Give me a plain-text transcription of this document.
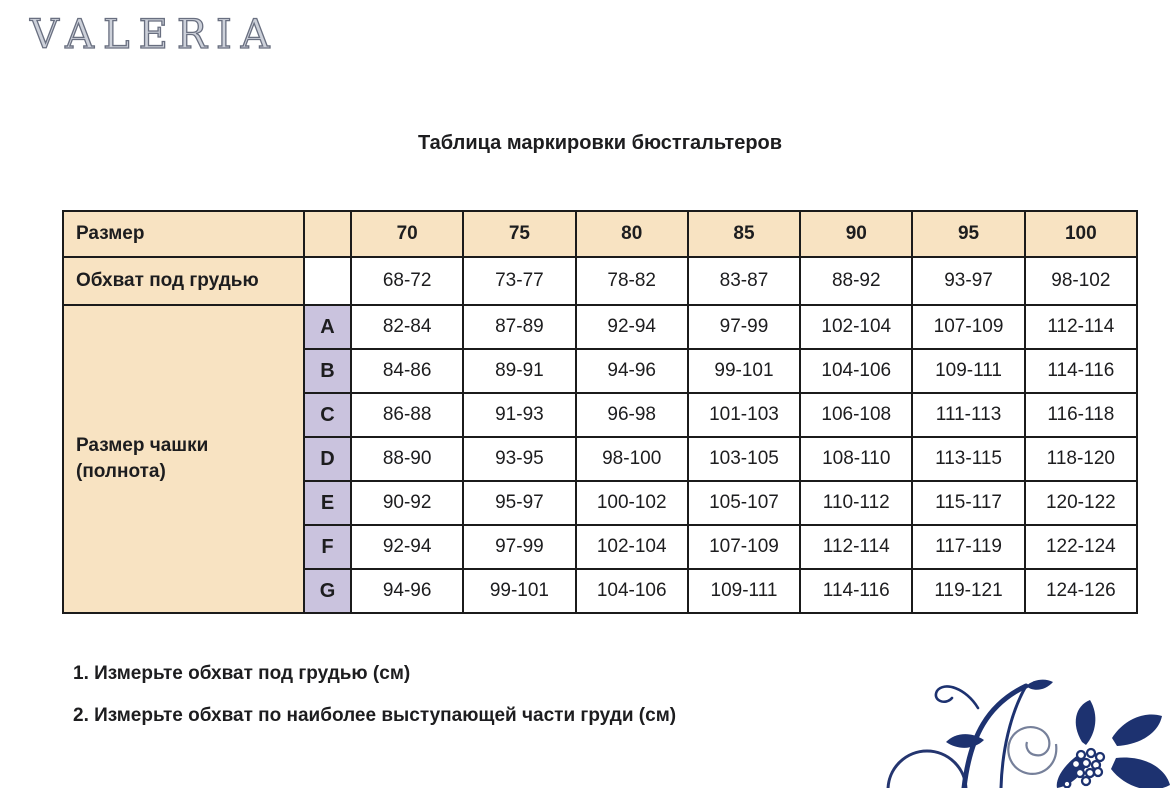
VALERIA
Таблица маркировки бюстгальтеров
Размер		70	75	80	85	90	95	100
Обхват под грудью		68-72	73-77	78-82	83-87	88-92	93-97	98-102
Размер чашки (полнота)	A	82-84	87-89	92-94	97-99	102-104	107-109	112-114
	B	84-86	89-91	94-96	99-101	104-106	109-111	114-116
	C	86-88	91-93	96-98	101-103	106-108	111-113	116-118
	D	88-90	93-95	98-100	103-105	108-110	113-115	118-120
	E	90-92	95-97	100-102	105-107	110-112	115-117	120-122
	F	92-94	97-99	102-104	107-109	112-114	117-119	122-124
	G	94-96	99-101	104-106	109-111	114-116	119-121	124-126
1. Измерьте обхват под грудью (см)
2. Измерьте обхват по наиболее выступающей части груди (см)
